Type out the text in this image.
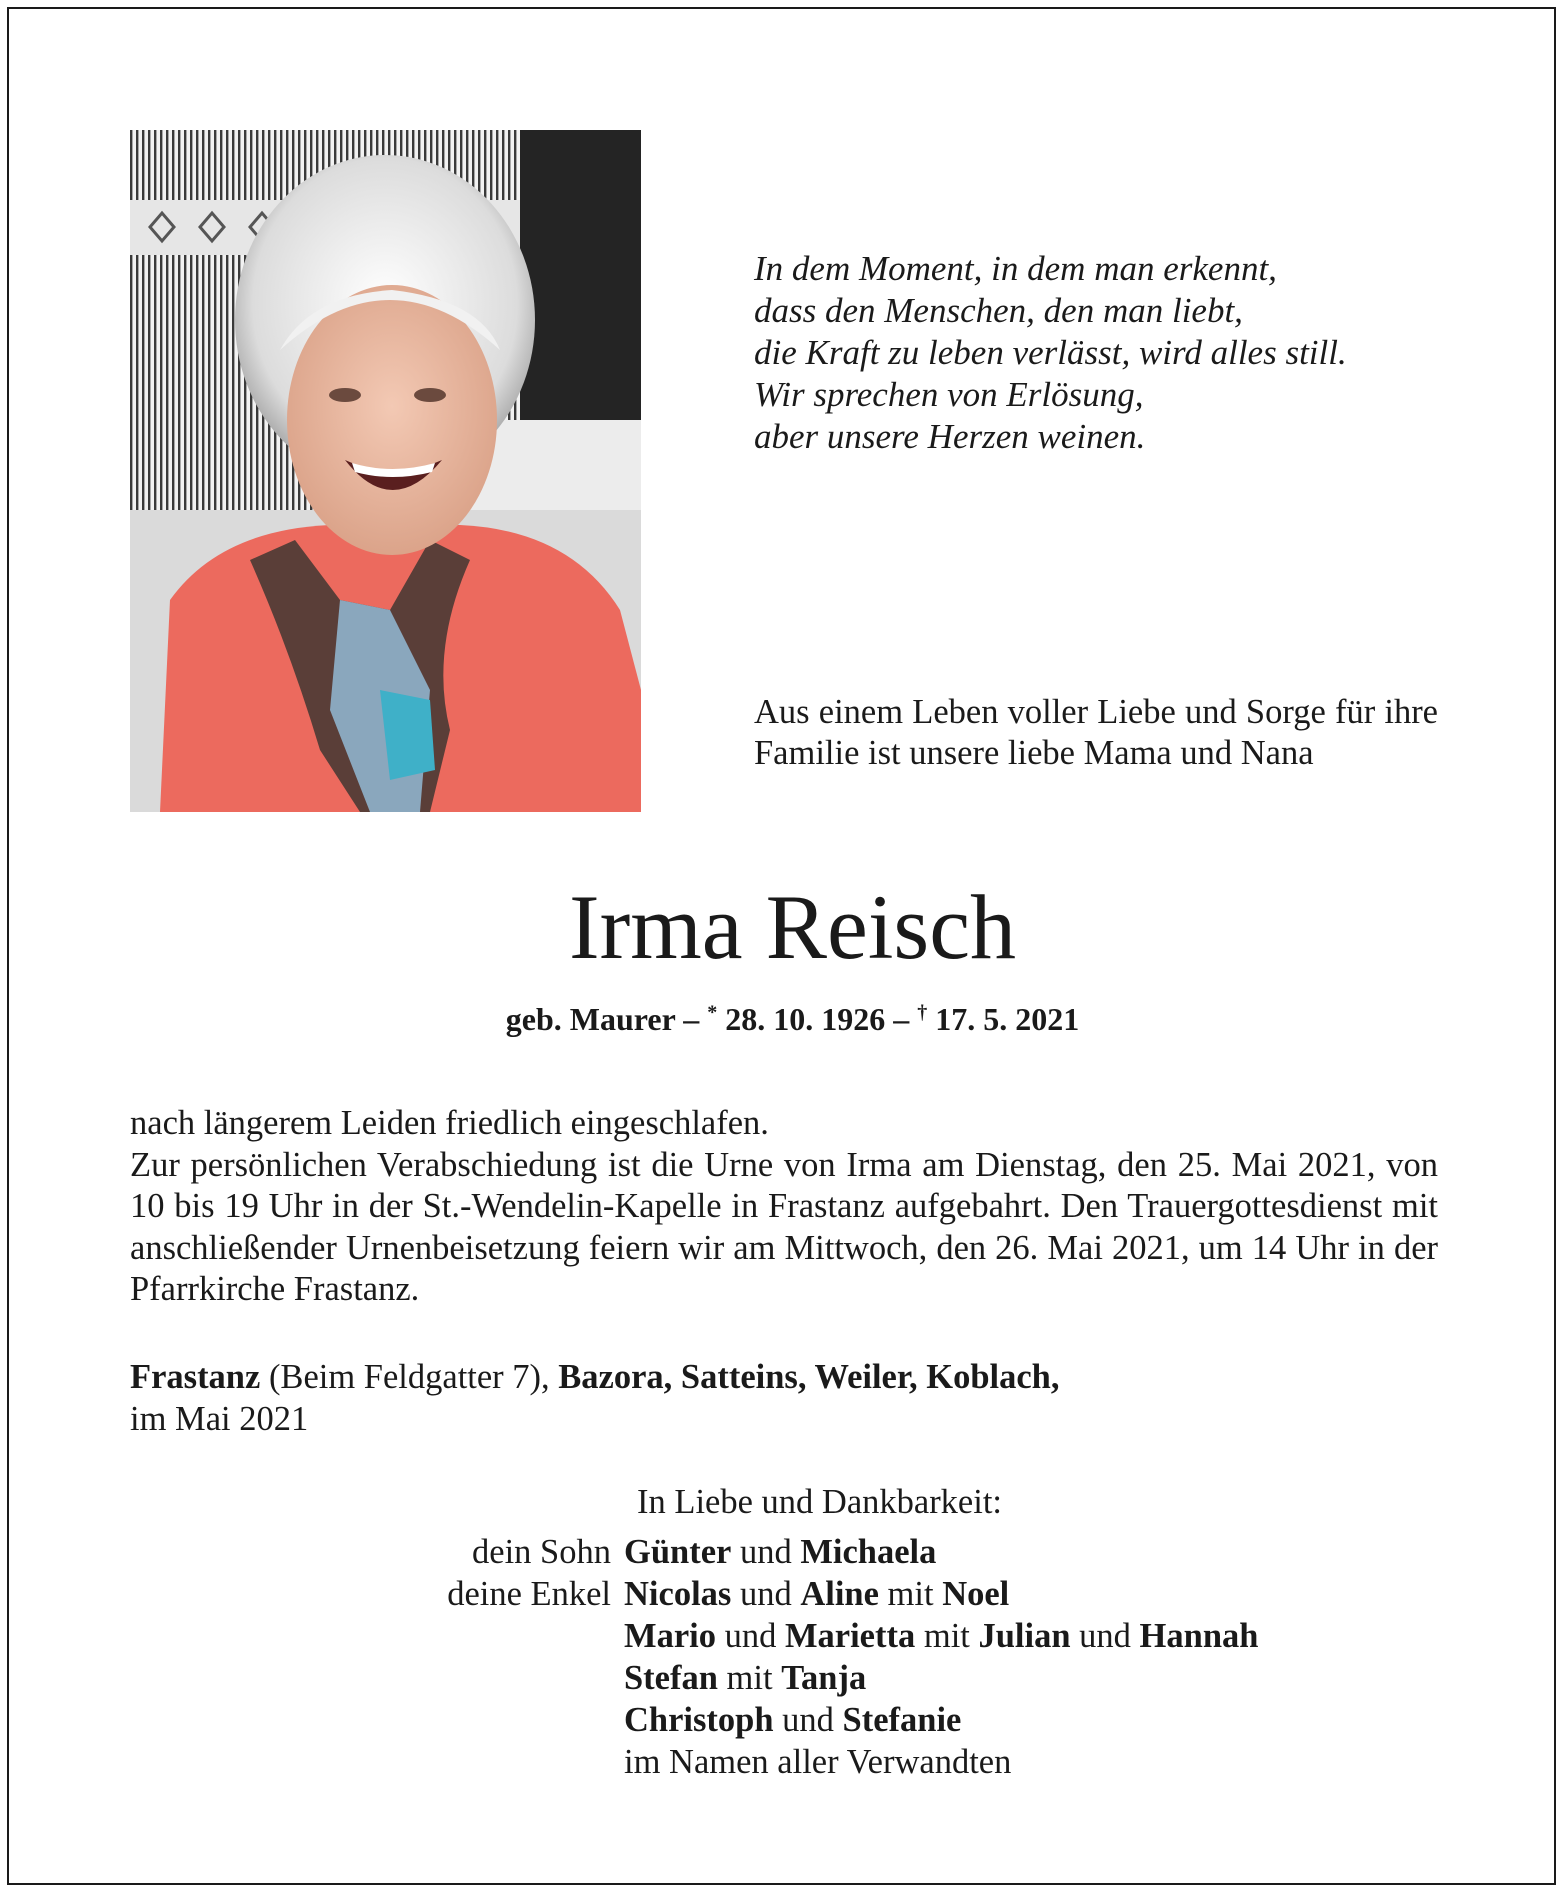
In dem Moment, in dem man erkennt,
dass den Menschen, den man liebt,
die Kraft zu leben verlässt, wird alles still.
Wir sprechen von Erlösung,
aber unsere Herzen weinen.

Aus einem Leben voller Liebe und Sorge für ihre Familie ist unsere liebe Mama und Nana

Irma Reisch

geb. Maurer – * 28. 10. 1926 – † 17. 5. 2021

nach längerem Leiden friedlich eingeschlafen.
Zur persönlichen Verabschiedung ist die Urne von Irma am Dienstag, den 25. Mai 2021, von 10 bis 19 Uhr in der St.-Wendelin-Kapelle in Frastanz aufgebahrt. Den Trauergottesdienst mit anschließender Urnenbeisetzung feiern wir am Mittwoch, den 26. Mai 2021, um 14 Uhr in der Pfarrkirche Frastanz.
Frastanz (Beim Feldgatter 7), Bazora, Satteins, Weiler, Koblach,
im Mai 2021
In Liebe und Dankbarkeit:
dein Sohn Günter und Michaela
deine Enkel Nicolas und Aline mit Noel
Mario und Marietta mit Julian und Hannah
Stefan mit Tanja
Christoph und Stefanie
im Namen aller Verwandten
